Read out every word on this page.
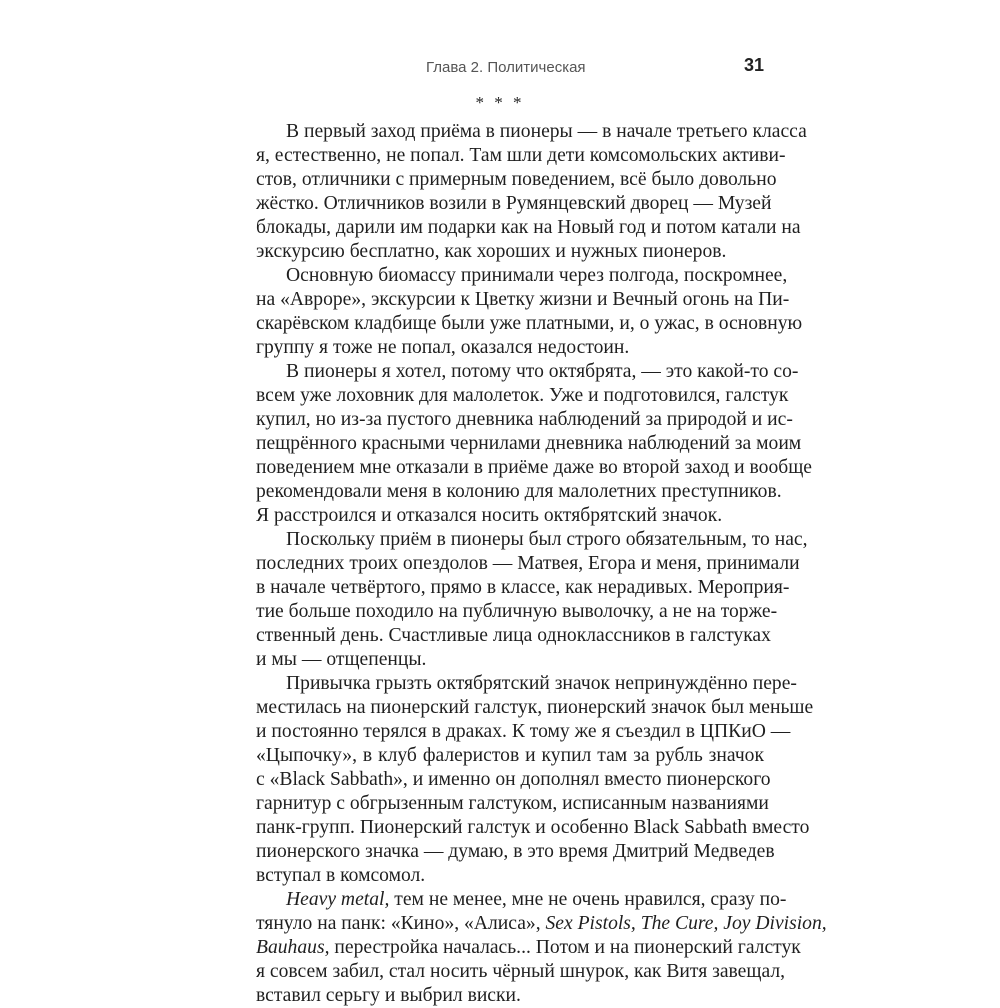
Глава 2. Политическая	31
* * *
В первый заход приёма в пионеры — в начале третьего класса
я, естественно, не попал. Там шли дети комсомольских активи-
стов, отличники с примерным поведением, всё было довольно
жёстко. Отличников возили в Румянцевский дворец — Музей
блокады, дарили им подарки как на Новый год и потом катали на
экскурсию бесплатно, как хороших и нужных пионеров.
Основную биомассу принимали через полгода, поскромнее,
на «Авроре», экскурсии к Цветку жизни и Вечный огонь на Пи-
скарёвском кладбище были уже платными, и, о ужас, в основную
группу я тоже не попал, оказался недостоин.
В пионеры я хотел, потому что октябрята, — это какой-то со-
всем уже лоховник для малолеток. Уже и подготовился, галстук
купил, но из-за пустого дневника наблюдений за природой и ис-
пещрённого красными чернилами дневника наблюдений за моим
поведением мне отказали в приёме даже во второй заход и вообще
рекомендовали меня в колонию для малолетних преступников.
Я расстроился и отказался носить октябрятский значок.
Поскольку приём в пионеры был строго обязательным, то нас,
последних троих опездолов — Матвея, Егора и меня, принимали
в начале четвёртого, прямо в классе, как нерадивых. Мероприя-
тие больше походило на публичную выволочку, а не на торже-
ственный день. Счастливые лица одноклассников в галстуках
и мы — отщепенцы.
Привычка грызть октябрятский значок непринуждённо пере-
местилась на пионерский галстук, пионерский значок был меньше
и постоянно терялся в драках. К тому же я съездил в ЦПКиО —
«Цыпочку», в клуб фалеристов и купил там за рубль значок
с «Black Sabbath», и именно он дополнял вместо пионерского
гарнитур с обгрызенным галстуком, исписанным названиями
панк-групп. Пионерский галстук и особенно Black Sabbath вместо
пионерского значка — думаю, в это время Дмитрий Медведев
вступал в комсомол.
Heavy metal, тем не менее, мне не очень нравился, сразу по-
тянуло на панк: «Кино», «Алиса», Sex Pistols, The Cure, Joy Division,
Bauhaus, перестройка началась... Потом и на пионерский галстук
я совсем забил, стал носить чёрный шнурок, как Витя завещал,
вставил серьгу и выбрил виски.
